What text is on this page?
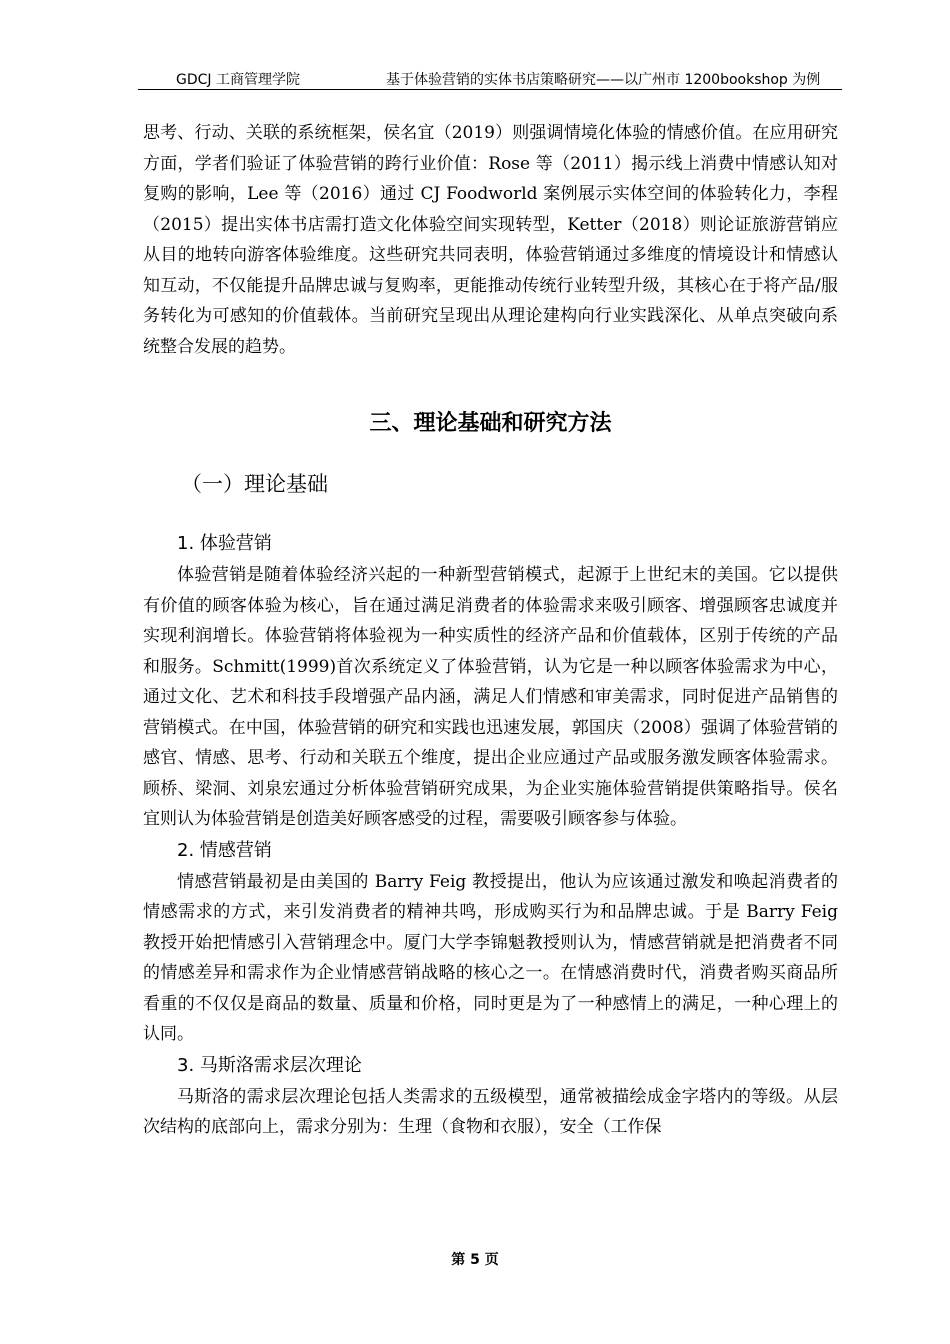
GDCJ 工商管理学院	基于体验营销的实体书店策略研究——以广州市 1200bookshop 为例

思考、行动、关联的系统框架，侯名宜（2019）则强调情境化体验的情感价值。在应用研究方面，学者们验证了体验营销的跨行业价值：Rose 等（2011）揭示线上消费中情感认知对复购的影响，Lee 等（2016）通过 CJ Foodworld 案例展示实体空间的体验转化力，李程（2015）提出实体书店需打造文化体验空间实现转型，Ketter（2018）则论证旅游营销应从目的地转向游客体验维度。这些研究共同表明，体验营销通过多维度的情境设计和情感认知互动，不仅能提升品牌忠诚与复购率，更能推动传统行业转型升级，其核心在于将产品/服务转化为可感知的价值载体。当前研究呈现出从理论建构向行业实践深化、从单点突破向系统整合发展的趋势。

三、理论基础和研究方法
（一）理论基础
1. 体验营销

体验营销是随着体验经济兴起的一种新型营销模式，起源于上世纪末的美国。它以提供有价值的顾客体验为核心，旨在通过满足消费者的体验需求来吸引顾客、增强顾客忠诚度并实现利润增长。体验营销将体验视为一种实质性的经济产品和价值载体，区别于传统的产品和服务。Schmitt(1999)首次系统定义了体验营销，认为它是一种以顾客体验需求为中心，通过文化、艺术和科技手段增强产品内涵，满足人们情感和审美需求，同时促进产品销售的营销模式。在中国，体验营销的研究和实践也迅速发展，郭国庆（2008）强调了体验营销的感官、情感、思考、行动和关联五个维度，提出企业应通过产品或服务激发顾客体验需求。顾桥、梁洞、刘泉宏通过分析体验营销研究成果，为企业实施体验营销提供策略指导。侯名宜则认为体验营销是创造美好顾客感受的过程，需要吸引顾客参与体验。

2. 情感营销

情感营销最初是由美国的 Barry Feig 教授提出，他认为应该通过激发和唤起消费者的情感需求的方式，来引发消费者的精神共鸣，形成购买行为和品牌忠诚。于是 Barry Feig 教授开始把情感引入营销理念中。厦门大学李锦魁教授则认为，情感营销就是把消费者不同的情感差异和需求作为企业情感营销战略的核心之一。在情感消费时代，消费者购买商品所看重的不仅仅是商品的数量、质量和价格，同时更是为了一种感情上的满足，一种心理上的认同。

3. 马斯洛需求层次理论

马斯洛的需求层次理论包括人类需求的五级模型，通常被描绘成金字塔内的等级。从层次结构的底部向上，需求分别为：生理（食物和衣服），安全（工作保

第 5 页
